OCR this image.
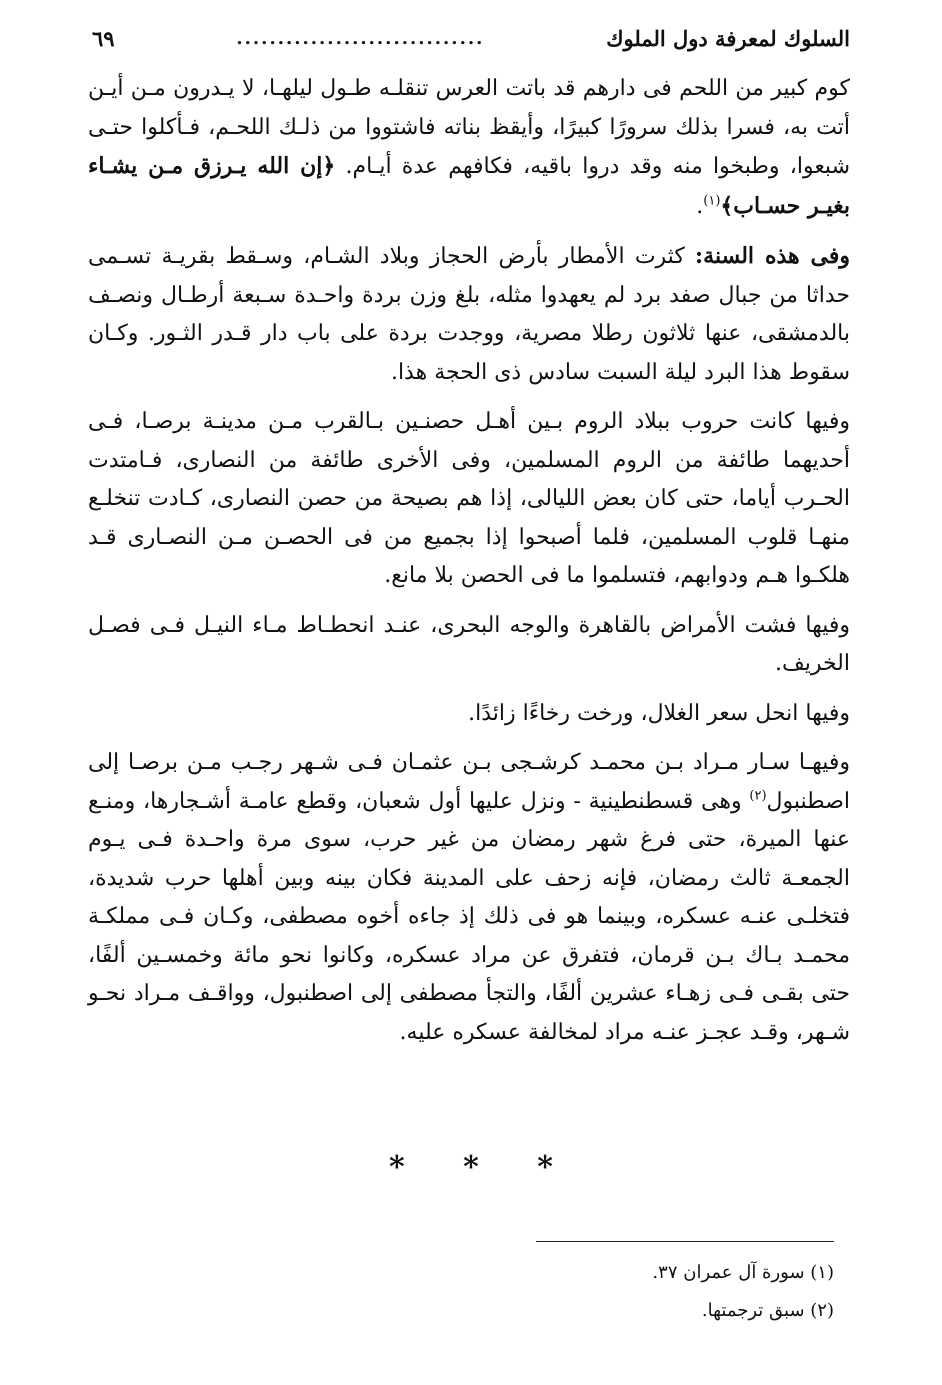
السلوك لمعرفة دول الملوك
..............................
٦٩

كوم كبير من اللحم فى دارهم قد باتت العرس تنقلـه طـول ليلهـا، لا يـدرون مـن أيـن أتت به، فسرا بذلك سرورًا كبيرًا، وأيقظ بناته فاشتووا من ذلـك اللحـم، فـأكلوا حتـى شبعوا، وطبخوا منه وقد دروا باقيه، فكافهم عدة أيـام. ﴿إن الله يـرزق مـن يشـاء بغيـر حسـاب﴾$^{(١)}$.

وفى هذه السنة: كثرت الأمطار بأرض الحجاز وبلاد الشـام، وسـقط بقريـة تسـمى حداثا من جبال صفد برد لم يعهدوا مثله، بلغ وزن بردة واحـدة سـبعة أرطـال ونصـف بالدمشقى، عنها ثلاثون رطلا مصرية، ووجدت بردة على باب دار قـدر الثـور. وكـان سقوط هذا البرد ليلة السبت سادس ذى الحجة هذا.

وفيها كانت حروب ببلاد الروم بـين أهـل حصنـين بـالقرب مـن مدينـة برصـا، فـى أحديهما طائفة من الروم المسلمين، وفى الأخرى طائفة من النصارى، فـامتدت الحـرب أياما، حتى كان بعض الليالى، إذا هم بصيحة من حصن النصارى، كـادت تنخلـع منهـا قلوب المسلمين، فلما أصبحوا إذا بجميع من فى الحصـن مـن النصـارى قـد هلكـوا هـم ودوابهم، فتسلموا ما فى الحصن بلا مانع.

وفيها فشت الأمراض بالقاهرة والوجه البحرى، عنـد انحطـاط مـاء النيـل فـى فصـل الخريف.

وفيها انحل سعر الغلال، ورخت رخاءًا زائدًا.

وفيهـا سـار مـراد بـن محمـد كرشـجى بـن عثمـان فـى شـهر رجـب مـن برصـا إلى اصطنبول$^{(٢)}$ وهى قسطنطينية - ونزل عليها أول شعبان، وقطع عامـة أشـجارها، ومنـع عنها الميرة، حتى فرغ شهر رمضان من غير حرب، سوى مرة واحـدة فـى يـوم الجمعـة ثالث رمضان، فإنه زحف على المدينة فكان بينه وبين أهلها حرب شديدة، فتخلـى عنـه عسكره، وبينما هو فى ذلك إذ جاءه أخوه مصطفى، وكـان فـى مملكـة محمـد بـاك بـن قرمان، فتفرق عن مراد عسكره، وكانوا نحو مائة وخمسـين ألفًا، حتى بقـى فـى زهـاء عشرين ألفًا، والتجأ مصطفى إلى اصطنبول، وواقـف مـراد نحـو شـهر، وقـد عجـز عنـه مراد لمخالفة عسكره عليه.

* * *
(١) سورة آل عمران ٣٧.
(٢) سبق ترجمتها.
